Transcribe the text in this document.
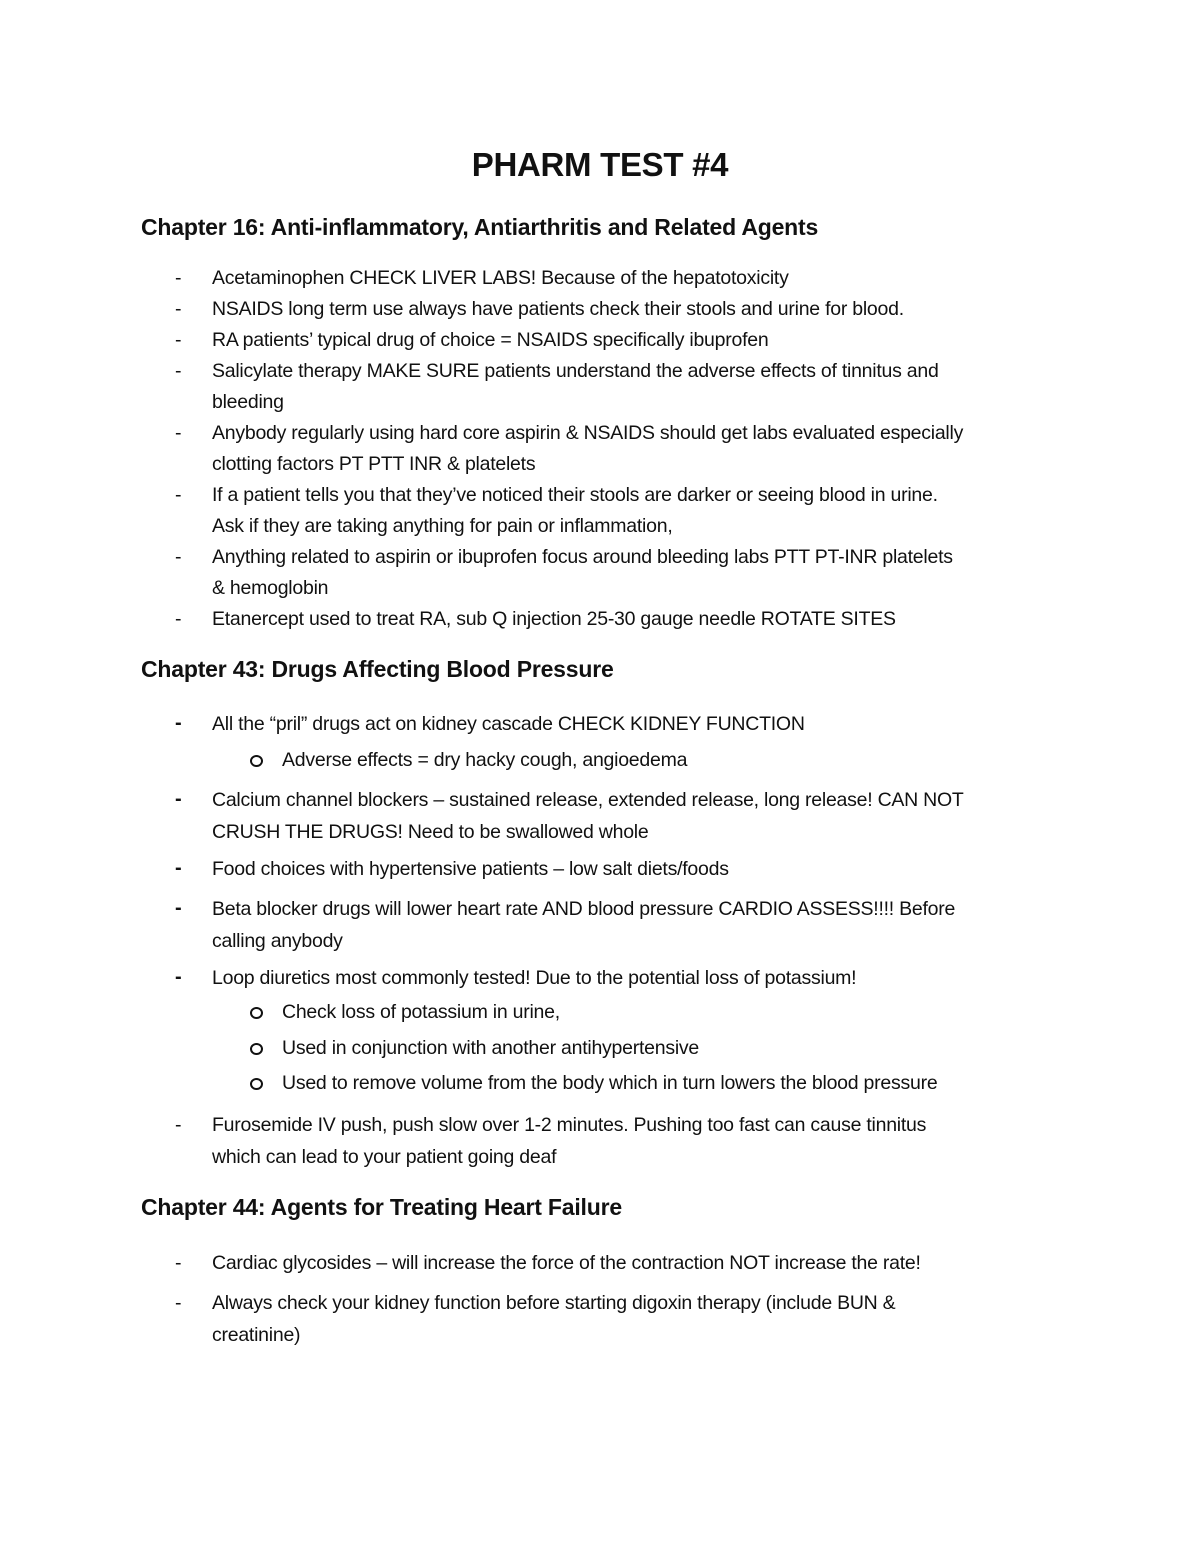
PHARM TEST #4
Chapter 16: Anti-inflammatory, Antiarthritis and Related Agents
- Acetaminophen CHECK LIVER LABS! Because of the hepatotoxicity
- NSAIDS long term use always have patients check their stools and urine for blood.
- RA patients’ typical drug of choice = NSAIDS specifically ibuprofen
- Salicylate therapy MAKE SURE patients understand the adverse effects of tinnitus and
bleeding
- Anybody regularly using hard core aspirin & NSAIDS should get labs evaluated especially
clotting factors PT PTT INR & platelets
- If a patient tells you that they’ve noticed their stools are darker or seeing blood in urine.
Ask if they are taking anything for pain or inflammation,
- Anything related to aspirin or ibuprofen focus around bleeding labs PTT PT-INR platelets
& hemoglobin
- Etanercept used to treat RA, sub Q injection 25-30 gauge needle ROTATE SITES
Chapter 43: Drugs Affecting Blood Pressure
- All the “pril” drugs act on kidney cascade CHECK KIDNEY FUNCTION
Adverse effects = dry hacky cough, angioedema
- Calcium channel blockers – sustained release, extended release, long release! CAN NOT
CRUSH THE DRUGS! Need to be swallowed whole
- Food choices with hypertensive patients – low salt diets/foods
- Beta blocker drugs will lower heart rate AND blood pressure CARDIO ASSESS!!!! Before
calling anybody
- Loop diuretics most commonly tested! Due to the potential loss of potassium!
Check loss of potassium in urine,
Used in conjunction with another antihypertensive
Used to remove volume from the body which in turn lowers the blood pressure
- Furosemide IV push, push slow over 1-2 minutes. Pushing too fast can cause tinnitus
which can lead to your patient going deaf
Chapter 44: Agents for Treating Heart Failure
- Cardiac glycosides – will increase the force of the contraction NOT increase the rate!
- Always check your kidney function before starting digoxin therapy (include BUN &
creatinine)
